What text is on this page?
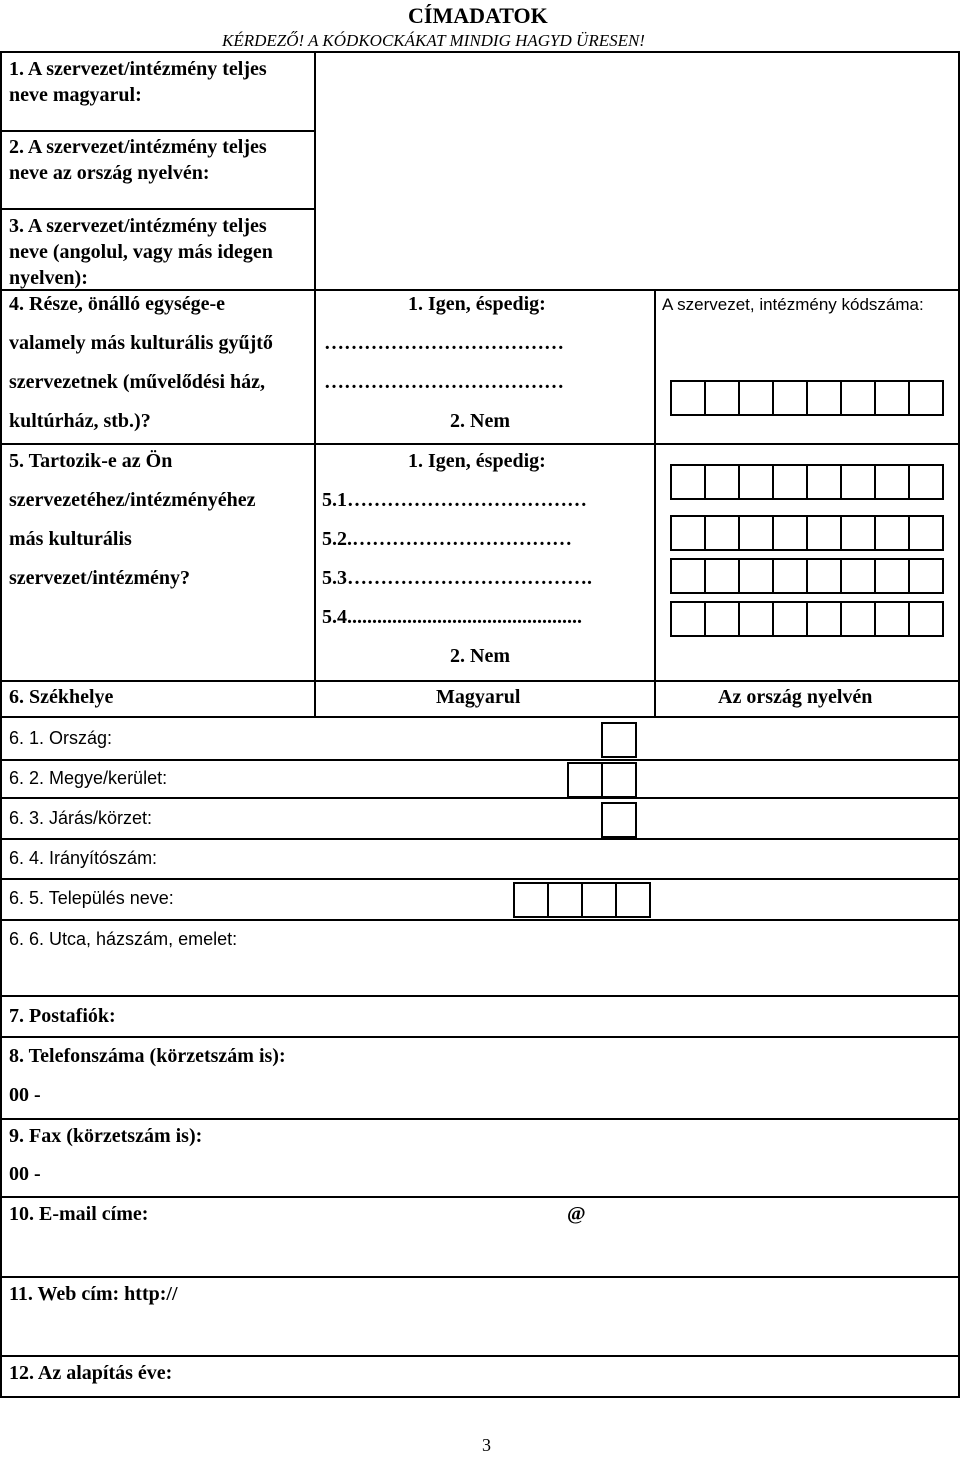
CÍMADATOK
KÉRDEZŐ! A KÓDKOCKÁKAT MINDIG HAGYD ÜRESEN!
1. A szervezet/intézmény teljes
neve magyarul:
2. A szervezet/intézmény teljes
neve az ország nyelvén:
3. A szervezet/intézmény teljes
neve (angolul, vagy más idegen
nyelven):
4. Része, önálló egysége-e
valamely más kulturális gyűjtő
szervezetnek (művelődési ház,
kultúrház, stb.)?
1. Igen, éspedig:
………………………………
………………………………
2. Nem
A szervezet, intézmény kódszáma:
5. Tartozik-e az Ön
szervezetéhez/intézményéhez
más kulturális
szervezet/intézmény?
1. Igen, éspedig:
5.1………………………………
5.2.……………………………
5.3……………………………….
5.4...............................................
2. Nem
6. Székhelye	Magyarul	Az ország nyelvén
6. 1. Ország:
6. 2. Megye/kerület:
6. 3. Járás/körzet:
6. 4. Irányítószám:
6. 5. Település neve:
6. 6. Utca, házszám, emelet:
7. Postafiók:
8. Telefonszáma (körzetszám is):
00 -
9. Fax (körzetszám is):
00 -
10. E-mail címe:	@
11. Web cím: http://
12. Az alapítás éve:
3
